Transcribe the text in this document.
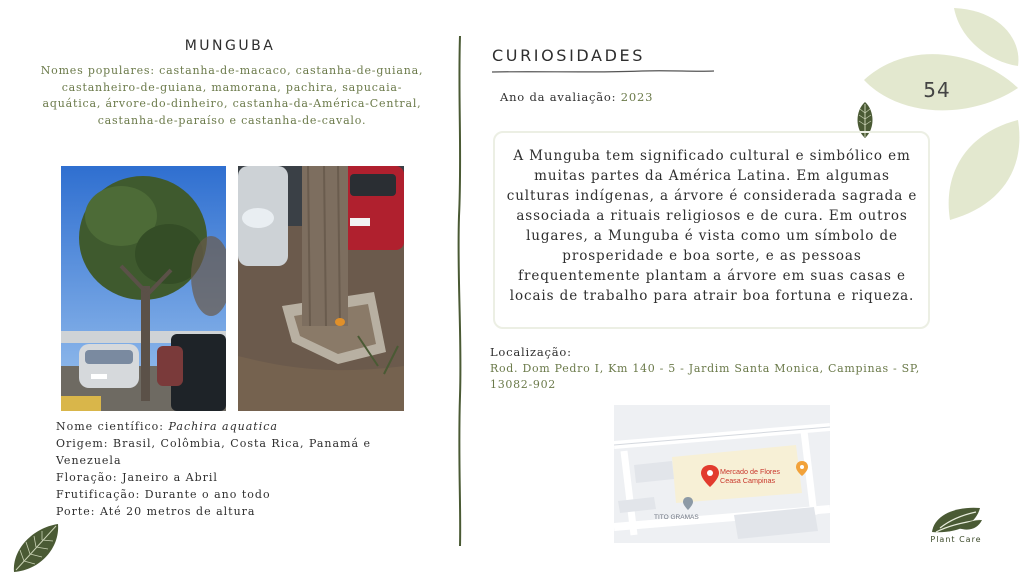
54
MUNGUBA
Nomes populares: castanha-de-macaco, castanha-de-guiana, castanheiro-de-guiana, mamorana, pachira, sapucaia-aquática, árvore-do-dinheiro, castanha-da-América-Central, castanha-de-paraíso e castanha-de-cavalo.
Nome científico: Pachira aquatica
Origem: Brasil, Colômbia, Costa Rica, Panamá e Venezuela
Floração: Janeiro a Abril
Frutificação: Durante o ano todo
Porte: Até 20 metros de altura
CURIOSIDADES
Ano da avaliação: 2023
A Munguba tem significado cultural e simbólico em muitas partes da América Latina. Em algumas culturas indígenas, a árvore é considerada sagrada e associada a rituais religiosos e de cura. Em outros lugares, a Munguba é vista como um símbolo de prosperidade e boa sorte, e as pessoas frequentemente plantam a árvore em suas casas e locais de trabalho para atrair boa fortuna e riqueza.
Localização:
Rod. Dom Pedro I, Km 140 - 5 - Jardim Santa Monica, Campinas - SP, 13082-902
Mercado de Flores
Ceasa Campinas
TITO GRAMAS
Plant Care
